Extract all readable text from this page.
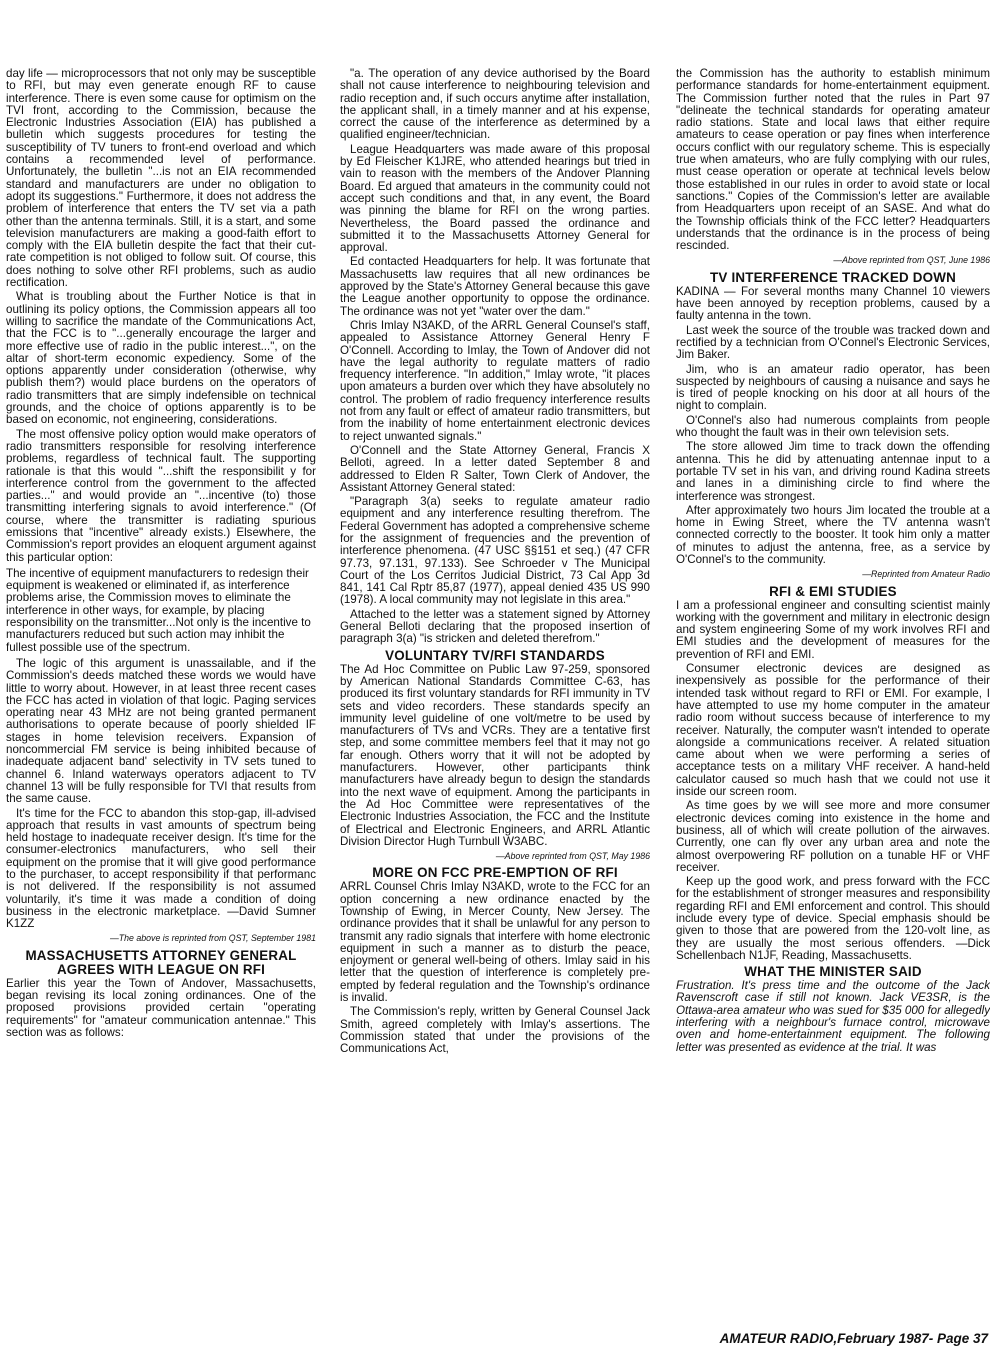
day life — microprocessors that not only may be susceptible to RFI, but may even generate enough RF to cause interference. There is even some cause for optimism on the TVI front, according to the Commission, because the Electronic Industries Association (EIA) has published a bulletin which suggests procedures for testing the susceptibility of TV tuners to front-end overload and which contains a recommended level of performance. Unfortunately, the bulletin "...is not an EIA recommended standard and manufacturers are under no obligation to adopt its suggestions." Furthermore, it does not address the problem of interference that enters the TV set via a path other than the antenna terminals. Still, it is a start, and some television manufacturers are making a good-faith effort to comply with the EIA bulletin despite the fact that their cut-rate competition is not obliged to follow suit. Of course, this does nothing to solve other RFI problems, such as audio rectification.

What is troubling about the Further Notice is that in outlining its policy options, the Commission appears all too willing to sacrifice the mandate of the Communications Act, that the FCC is to "...generally encourage the larger and more effective use of radio in the public interest...", on the altar of short-term economic expediency. Some of the options apparently under consideration (otherwise, why publish them?) would place burdens on the operators of radio transmitters that are simply indefensible on technical grounds, and the choice of options apparently is to be based on economic, not engineering, considerations.

The most offensive policy option would make operators of radio transmitters responsible for resolving interference problems, regardless of technical fault. The supporting rationale is that this would "...shift the responsibilit y for interference control from the government to the affected parties..." and would provide an "...incentive (to) those transmitting interfering signals to avoid interference." (Of course, where the transmitter is radiating spurious emissions that "incentive" already exists.) Elsewhere, the Commission's report provides an eloquent argument against this particular option:

The incentive of equipment manufacturers to redesign their equipment is weakened or eliminated if, as interference problems arise, the Commission moves to eliminate the interference in other ways, for example, by placing responsibility on the transmitter...Not only is the incentive to manufacturers reduced but such action may inhibit the fullest possible use of the spectrum.

The logic of this argument is unassailable, and if the Commission's deeds matched these words we would have little to worry about. However, in at least three recent cases the FCC has acted in violation of that logic. Paging services operating near 43 MHz are not being granted permanent authorisations to operate because of poorly shielded IF stages in home television receivers. Expansion of noncommercial FM service is being inhibited because of inadequate adjacent band' selectivity in TV sets tuned to channel 6. Inland waterways operators adjacent to TV channel 13 will be fully responsible for TVI that results from the same cause.

It's time for the FCC to abandon this stop-gap, ill-advised approach that results in vast amounts of spectrum being held hostage to inadequate receiver design. It's time for the consumer-electronics manufacturers, who sell their equipment on the promise that it will give good performance to the purchaser, to accept responsibility if that performanc is not delivered. If the responsibility is not assumed voluntarily, it's time it was made a condition of doing business in the electronic marketplace. —David Sumner K1ZZ

—The above is reprinted from QST, September 1981

MASSACHUSETTS ATTORNEY GENERAL AGREES WITH LEAGUE ON RFI

Earlier this year the Town of Andover, Massachusetts, began revising its local zoning ordinances. One of the proposed provisions provided certain "operating requirements" for "amateur communication antennae." This section was as follows:

"a. The operation of any device authorised by the Board shall not cause interference to neighbouring television and radio reception and, if such occurs anytime after installation, the applicant shall, in a timely manner and at his expense, correct the cause of the interference as determined by a qualified engineer/technician.

League Headquarters was made aware of this proposal by Ed Fleischer K1JRE, who attended hearings but tried in vain to reason with the members of the Andover Planning Board. Ed argued that amateurs in the community could not accept such conditions and that, in any event, the Board was pinning the blame for RFI on the wrong parties. Nevertheless, the Board passed the ordinance and submitted it to the Massachusetts Attorney General for approval.

Ed contacted Headquarters for help. It was fortunate that Massachusetts law requires that all new ordinances be approved by the State's Attorney General because this gave the League another opportunity to oppose the ordinance. The ordinance was not yet "water over the dam."

Chris Imlay N3AKD, of the ARRL General Counsel's staff, appealed to Assistance Attorney General Henry F O'Connell. According to Imlay, the Town of Andover did not have the legal authority to regulate matters of radio frequency interference. "In addition," Imlay wrote, "it places upon amateurs a burden over which they have absolutely no control. The problem of radio frequency interference results not from any fault or effect of amateur radio transmitters, but from the inability of home entertainment electronic devices to reject unwanted signals."

O'Connell and the State Attorney General, Francis X Belloti, agreed. In a letter dated September 8 and addressed to Elden R Salter, Town Clerk of Andover, the Assistant Attorney General stated:

"Paragraph 3(a) seeks to regulate amateur radio equipment and any interference resulting therefrom. The Federal Government has adopted a comprehensive scheme for the assignment of frequencies and the prevention of interference phenomena. (47 USC §§151 et seq.) (47 CFR 97.73, 97.131, 97.133). See Schroeder v The Municipal Court of the Los Cerritos Judicial District, 73 Cal App 3d 841, 141 Cal Rptr 85,87 (1977), appeal denied 435 US 990 (1978). A local community may not legislate in this area."

Attached to the letter was a statement signed by Attorney General Belloti declaring that the proposed insertion of paragraph 3(a) "is stricken and deleted therefrom."

VOLUNTARY TV/RFI STANDARDS

The Ad Hoc Committee on Public Law 97-259, sponsored by American National Standards Committee C-63, has produced its first voluntary standards for RFI immunity in TV sets and video recorders. These standards specify an immunity level guideline of one volt/metre to be used by manufacturers of TVs and VCRs. They are a tentative first step, and some committee members feel that it may not go far enough. Others worry that it will not be adopted by manufacturers. However, other participants think manufacturers have already begun to design the standards into the next wave of equipment. Among the participants in the Ad Hoc Committee were representatives of the Electronic Industries Association, the FCC and the Institute of Electrical and Electronic Engineers, and ARRL Atlantic Division Director Hugh Turnbull W3ABC.

—Above reprinted from QST, May 1986

MORE ON FCC PRE-EMPTION OF RFI

ARRL Counsel Chris Imlay N3AKD, wrote to the FCC for an option concerning a new ordinance enacted by the Township of Ewing, in Mercer County, New Jersey. The ordinance provides that it shall be unlawful for any person to transmit any radio signals that interfere with home electronic equipment in such a manner as to disturb the peace, enjoyment or general well-being of others. Imlay said in his letter that the question of interference is completely pre-empted by federal regulation and the Township's ordinance is invalid.

The Commission's reply, written by General Counsel Jack Smith, agreed completely with Imlay's assertions. The Commission stated that under the provisions of the Communications Act,

the Commission has the authority to establish minimum performance standards for home-entertainment equipment. The Commission further noted that the rules in Part 97 "delineate the technical standards for operating amateur radio stations. State and local laws that either require amateurs to cease operation or pay fines when interference occurs conflict with our regulatory scheme. This is especially true when amateurs, who are fully complying with our rules, must cease operation or operate at technical levels below those established in our rules in order to avoid state or local sanctions." Copies of the Commission's letter are available from Headquarters upon receipt of an SASE. And what do the Township officials think of the FCC letter? Headquarters understands that the ordinance is in the process of being rescinded.

—Above reprinted from QST, June 1986

TV INTERFERENCE TRACKED DOWN

KADINA — For several months many Channel 10 viewers have been annoyed by reception problems, caused by a faulty antenna in the town.

Last week the source of the trouble was tracked down and rectified by a technician from O'Connel's Electronic Services, Jim Baker.

Jim, who is an amateur radio operator, has been suspected by neighbours of causing a nuisance and says he is tired of people knocking on his door at all hours of the night to complain.

O'Connel's also had numerous complaints from people who thought the fault was in their own television sets.

The store allowed Jim time to track down the offending antenna. This he did by attenuating antennae input to a portable TV set in his van, and driving round Kadina streets and lanes in a diminishing circle to find where the interference was strongest.

After approximately two hours Jim located the trouble at a home in Ewing Street, where the TV antenna wasn't connected correctly to the booster. It took him only a matter of minutes to adjust the antenna, free, as a service by O'Connel's to the community.

—Reprinted from Amateur Radio

RFI & EMI STUDIES

I am a professional engineer and consulting scientist mainly working with the government and military in electronic design and system engineering Some of my work involves RFI and EMI studies and the development of measures for the prevention of RFI and EMI.

Consumer electronic devices are designed as inexpensively as possible for the performance of their intended task without regard to RFI or EMI. For example, I have attempted to use my home computer in the amateur radio room without success because of interference to my receiver. Naturally, the computer wasn't intended to operate alongside a communications receiver. A related situation came about when we were performing a series of acceptance tests on a military VHF receiver. A hand-held calculator caused so much hash that we could not use it inside our screen room.

As time goes by we will see more and more consumer electronic devices coming into existence in the home and business, all of which will create pollution of the airwaves. Currently, one can fly over any urban area and note the almost overpowering RF pollution on a tunable HF or VHF receiver.

Keep up the good work, and press forward with the FCC for the establishment of stronger measures and responsibility regarding RFI and EMI enforcement and control. This should include every type of device. Special emphasis should be given to those that are powered from the 120-volt line, as they are usually the most serious offenders. —Dick Schellenbach N1JF, Reading, Massachusetts.

WHAT THE MINISTER SAID

Frustration. It's press time and the outcome of the Jack Ravenscroft case if still not known. Jack VE3SR, is the Ottawa-area amateur who was sued for $35 000 for allegedly interfering with a neighbour's furnace control, microwave oven and home-entertainment equipment. The following letter was presented as evidence at the trial. It was

AMATEUR RADIO,February 1987- Page 37
